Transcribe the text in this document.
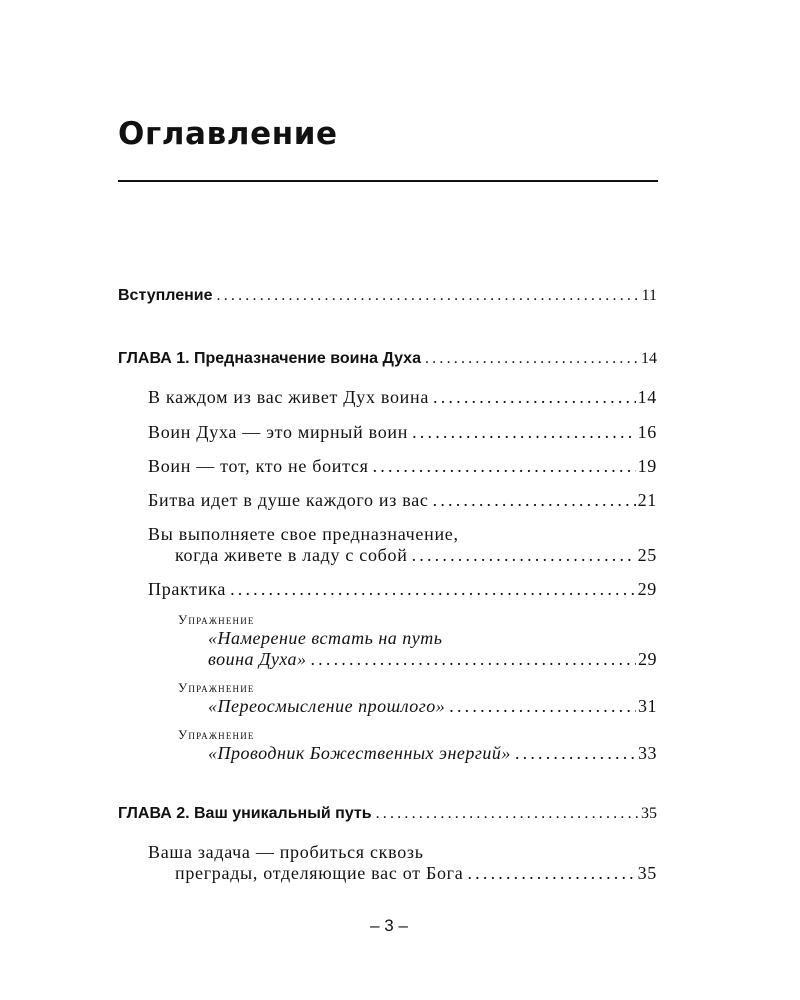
Оглавление
Вступление .....	11
ГЛАВА 1. Предназначение воина Духа .....	14
В каждом из вас живет Дух воина .....	14
Воин Духа — это мирный воин .....	16
Воин — тот, кто не боится .....	19
Битва идет в душе каждого из вас .....	21
Вы выполняете свое предназначение,
когда живете в ладу с собой .....	25
Практика .....	29
Упражнение
«Намерение встать на путь
воина Духа» .....	29
Упражнение
«Переосмысление прошлого» .....	31
Упражнение
«Проводник Божественных энергий» .....	33
ГЛАВА 2. Ваш уникальный путь .....	35
Ваша задача — пробиться сквозь
преграды, отделяющие вас от Бога .....	35
– 3 –
